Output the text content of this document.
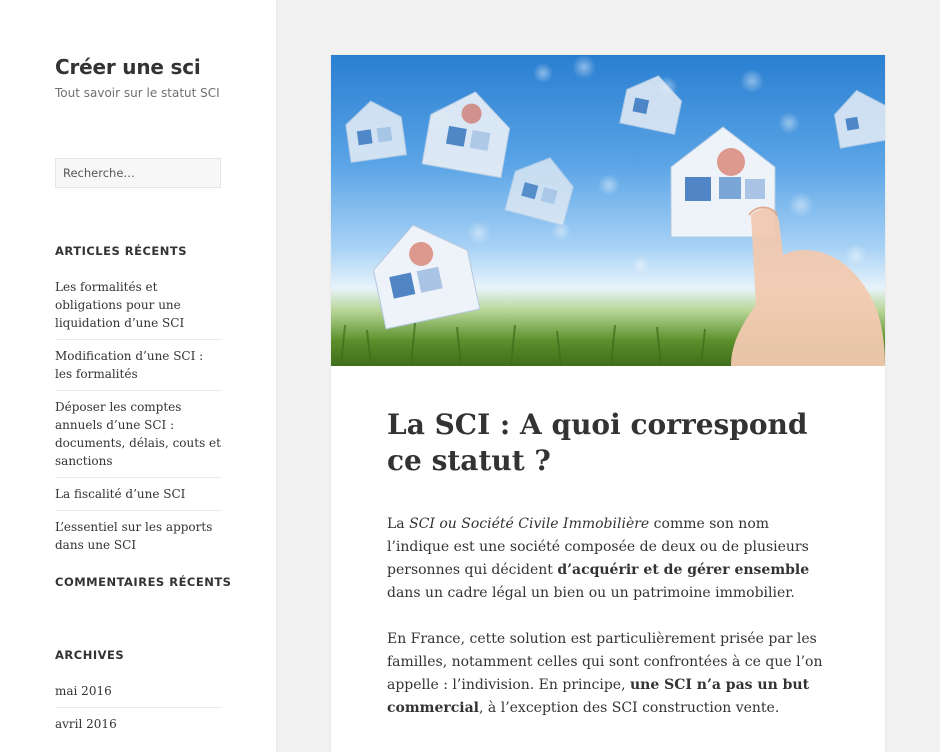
Créer une sci

Tout savoir sur le statut SCI

Recherche…
ARTICLES RÉCENTS
Les formalités et obligations pour une liquidation d’une SCI
Modification d’une SCI : les formalités
Déposer les comptes annuels d’une SCI : documents, délais, couts et sanctions
La fiscalité d’une SCI
L’essentiel sur les apports dans une SCI
COMMENTAIRES RÉCENTS
ARCHIVES
mai 2016
avril 2016
La SCI : A quoi correspond ce statut ?

La SCI ou Société Civile Immobilière comme son nom l’indique est une société composée de deux ou de plusieurs personnes qui décident d’acquérir et de gérer ensemble dans un cadre légal un bien ou un patrimoine immobilier.

En France, cette solution est particulièrement prisée par les familles, notamment celles qui sont confrontées à ce que l’on appelle : l’indivision. En principe, une SCI n’a pas un but commercial, à l’exception des SCI construction vente.
